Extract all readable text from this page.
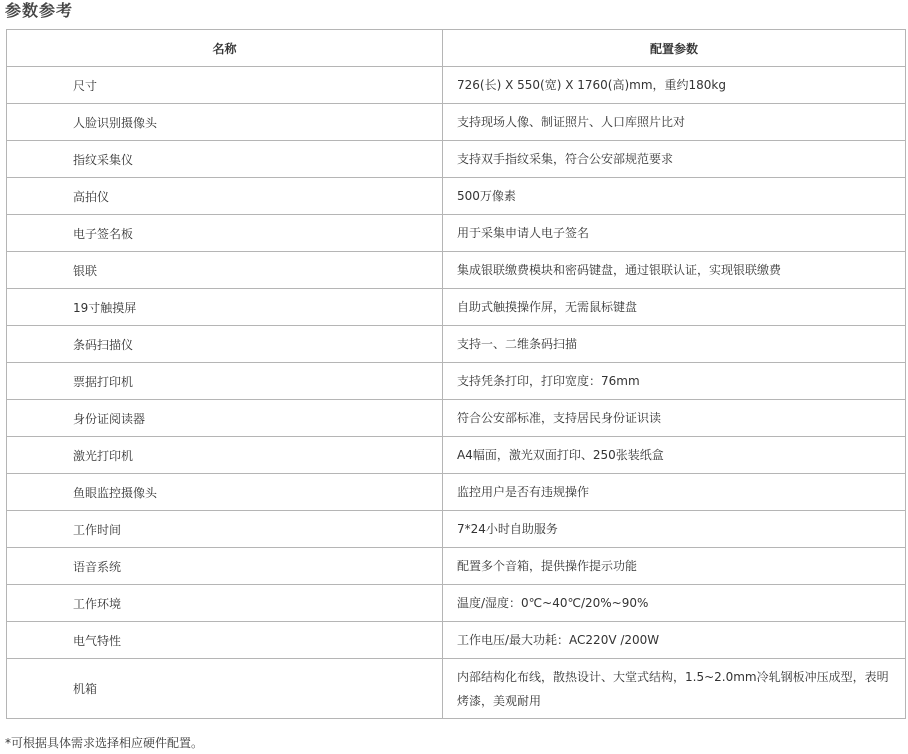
参数参考
名称	配置参数
尺寸	726(长) X 550(宽) X 1760(高)mm，重约180kg
人脸识别摄像头	支持现场人像、制证照片、人口库照片比对
指纹采集仪	支持双手指纹采集，符合公安部规范要求
高拍仪	500万像素
电子签名板	用于采集申请人电子签名
银联	集成银联缴费模块和密码键盘，通过银联认证，实现银联缴费
19寸触摸屏	自助式触摸操作屏，无需鼠标键盘
条码扫描仪	支持一、二维条码扫描
票据打印机	支持凭条打印，打印宽度：76mm
身份证阅读器	符合公安部标准，支持居民身份证识读
激光打印机	A4幅面，激光双面打印、250张装纸盒
鱼眼监控摄像头	监控用户是否有违规操作
工作时间	7*24小时自助服务
语音系统	配置多个音箱，提供操作提示功能
工作环境	温度/湿度：0℃~40℃/20%~90%
电气特性	工作电压/最大功耗：AC220V /200W
机箱	内部结构化布线，散热设计、大堂式结构，1.5~2.0mm冷轧钢板冲压成型，表明烤漆，美观耐用
*可根据具体需求选择相应硬件配置。
